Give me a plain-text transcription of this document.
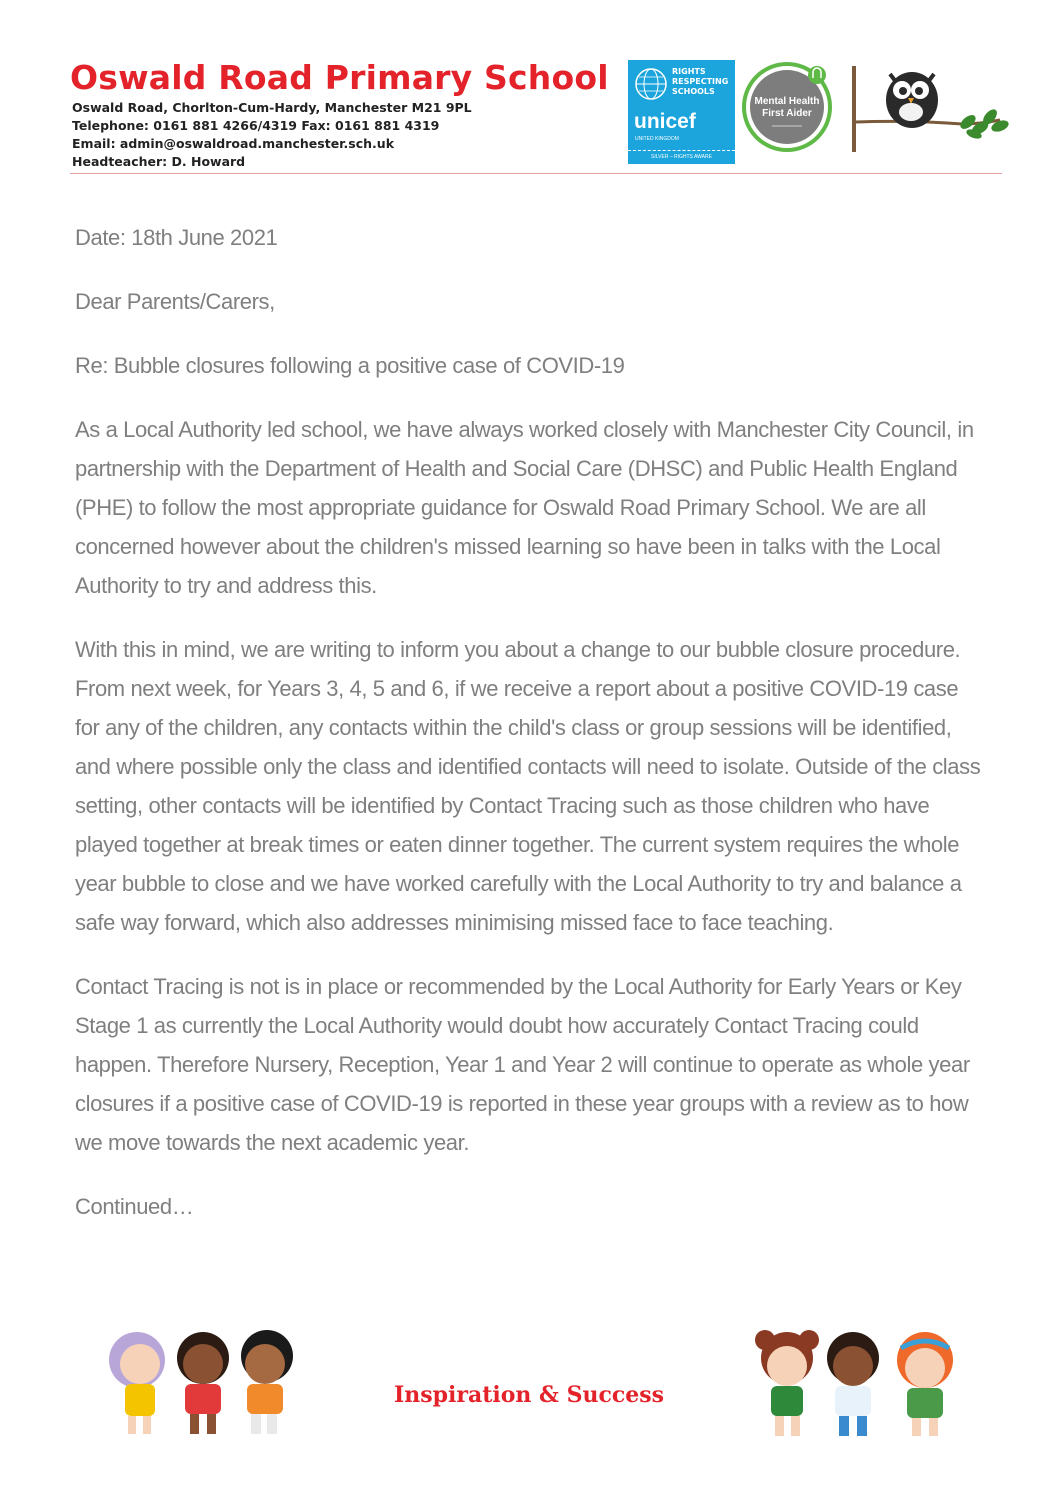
Oswald Road Primary School
Oswald Road, Chorlton-Cum-Hardy, Manchester M21 9PL
Telephone: 0161 881 4266/4319 Fax: 0161 881 4319
Email: admin@oswaldroad.manchester.sch.uk
Headteacher: D. Howard
RIGHTS
RESPECTING
SCHOOLS
unicef
UNITED KINGDOM
SILVER – RIGHTS AWARE
Mental Health
First Aider

Date: 18th June 2021

Dear Parents/Carers,

Re: Bubble closures following a positive case of COVID-19

As a Local Authority led school, we have always worked closely with Manchester City Council, in partnership with the Department of Health and Social Care (DHSC) and Public Health England (PHE) to follow the most appropriate guidance for Oswald Road Primary School. We are all concerned however about the children's missed learning so have been in talks with the Local Authority to try and address this.

With this in mind, we are writing to inform you about a change to our bubble closure procedure. From next week, for Years 3, 4, 5 and 6, if we receive a report about a positive COVID-19 case for any of the children, any contacts within the child's class or group sessions will be identified, and where possible only the class and identified contacts will need to isolate. Outside of the class setting, other contacts will be identified by Contact Tracing such as those children who have played together at break times or eaten dinner together. The current system requires the whole year bubble to close and we have worked carefully with the Local Authority to try and balance a safe way forward, which also addresses minimising missed face to face teaching.

Contact Tracing is not is in place or recommended by the Local Authority for Early Years or Key Stage 1 as currently the Local Authority would doubt how accurately Contact Tracing could happen. Therefore Nursery, Reception, Year 1 and Year 2 will continue to operate as whole year closures if a positive case of COVID-19 is reported in these year groups with a review as to how we move towards the next academic year.

Continued…

Inspiration & Success
